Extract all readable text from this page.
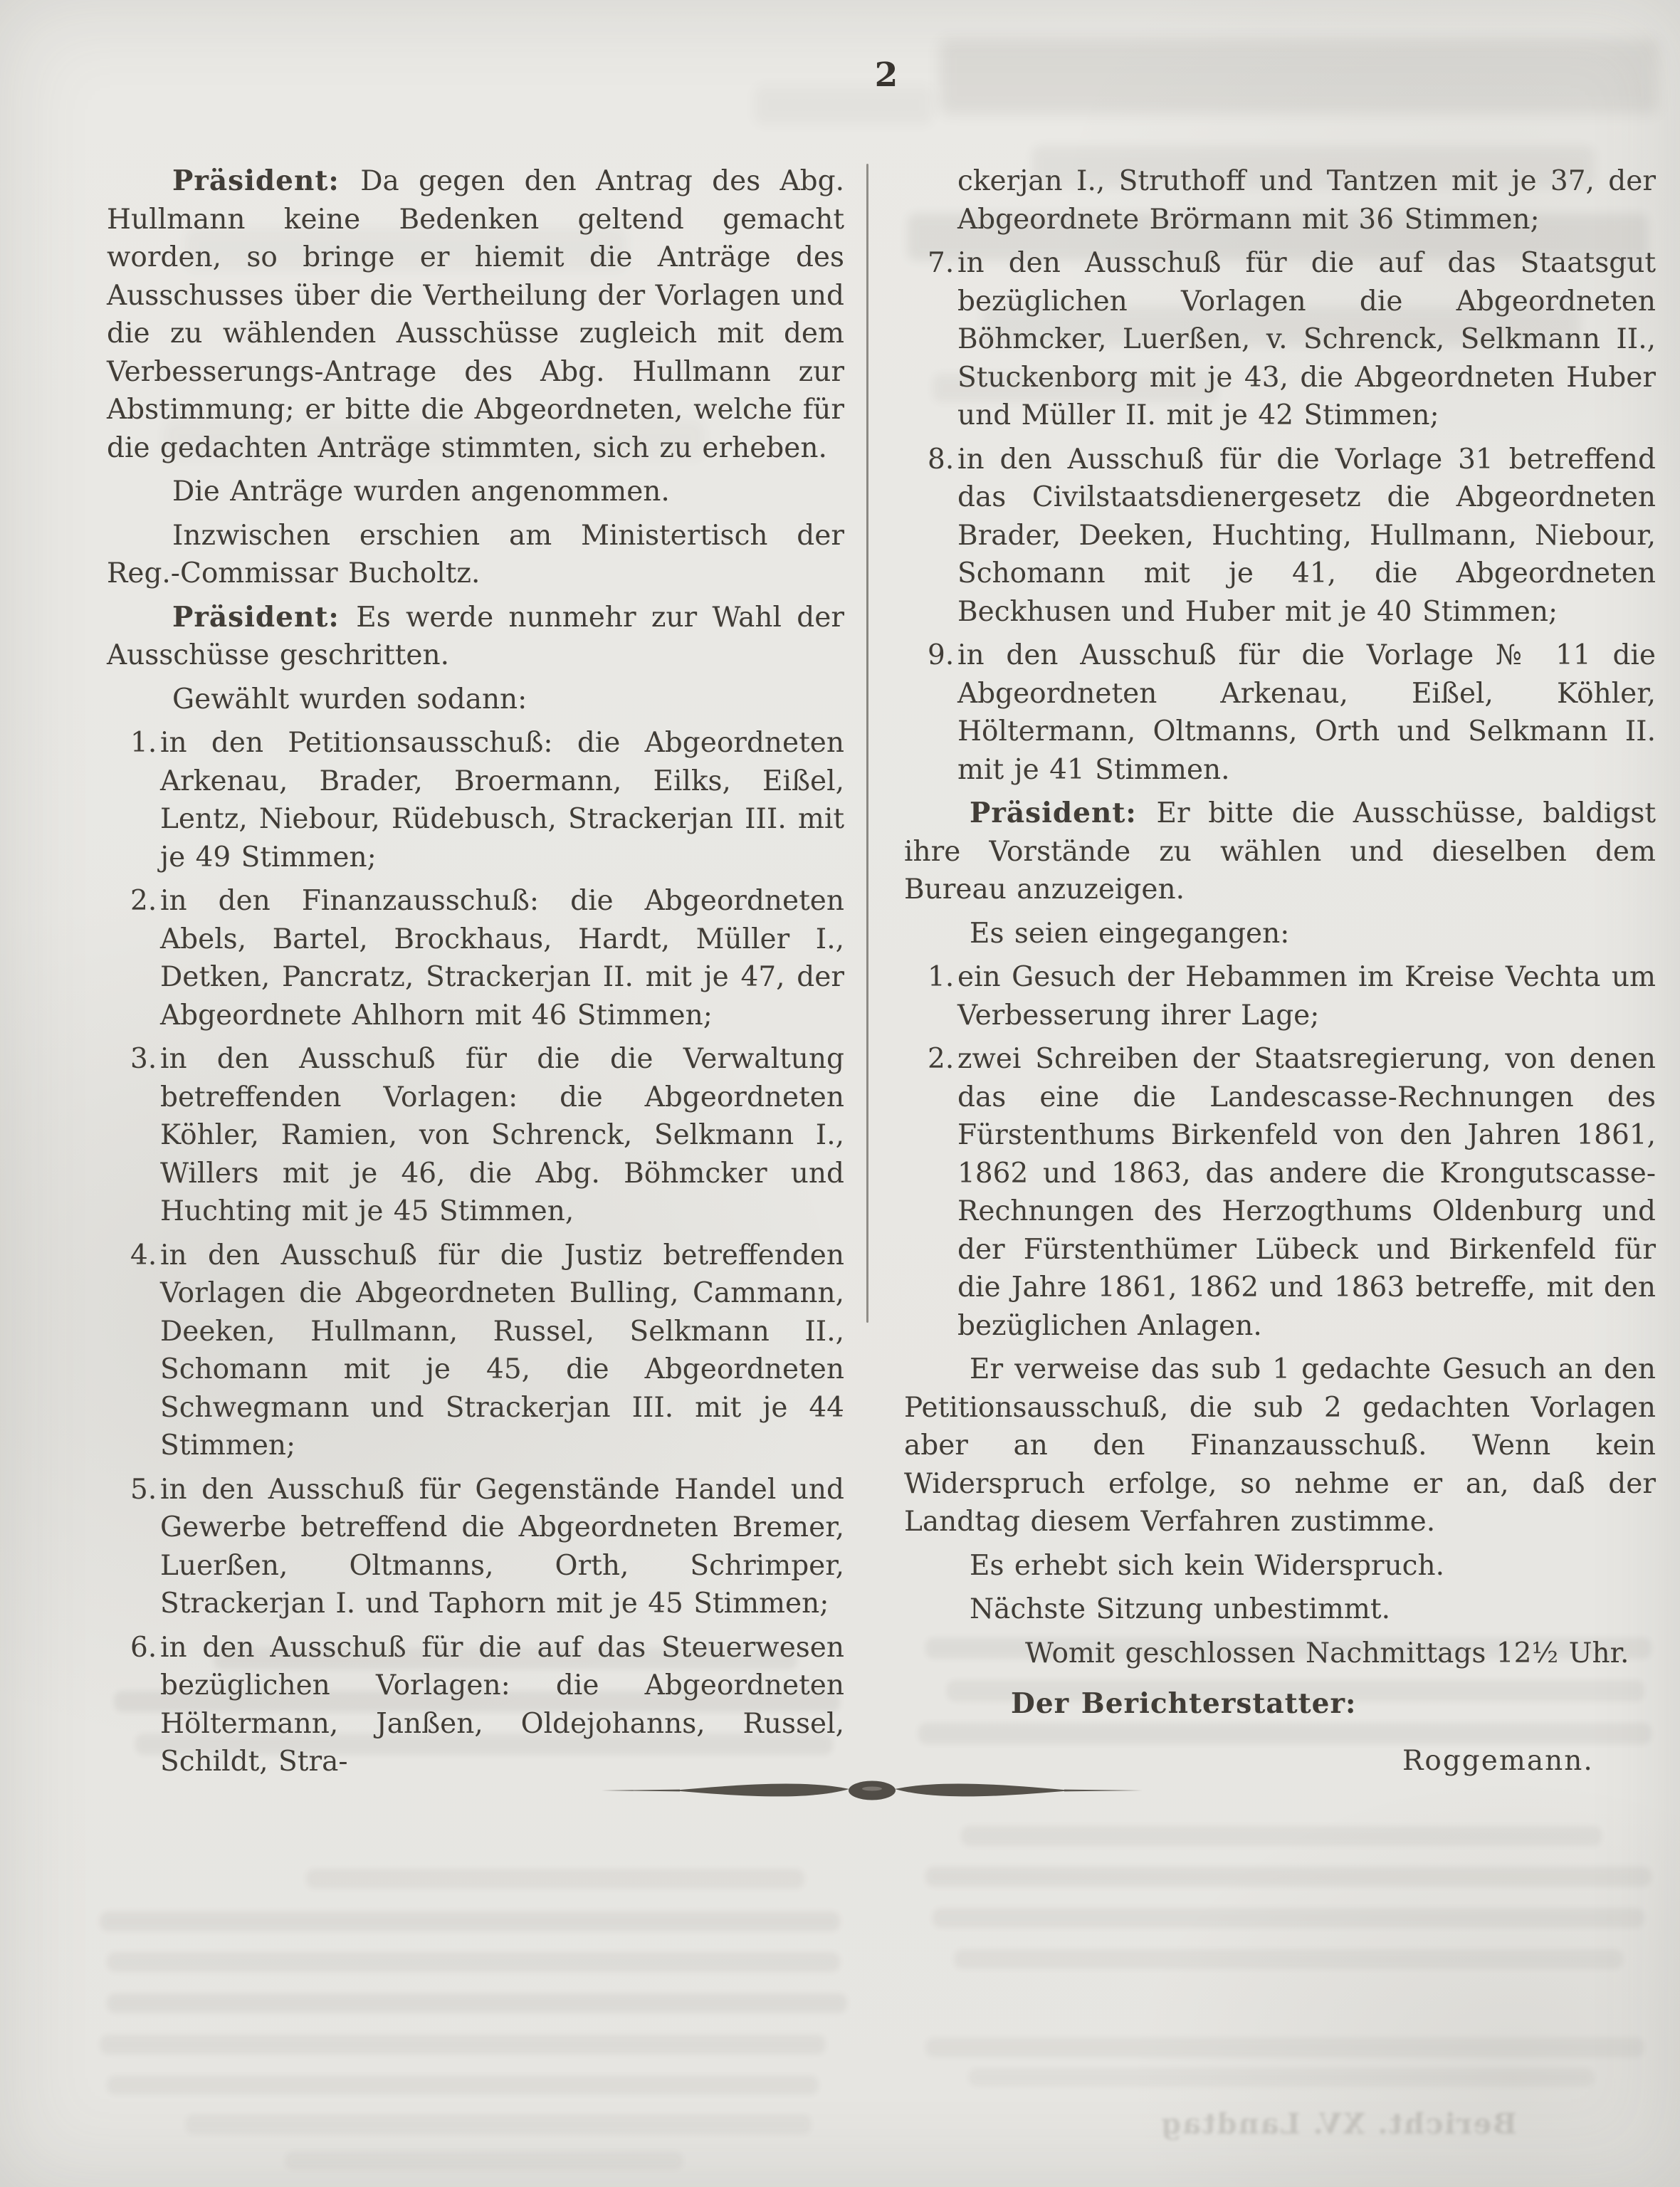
2
Präsident: Da gegen den Antrag des Abg. Hullmann keine Bedenken geltend gemacht worden, so bringe er hiemit die Anträge des Ausschusses über die Vertheilung der Vorlagen und die zu wählenden Ausschüsse zugleich mit dem Verbesserungs-Antrage des Abg. Hullmann zur Abstimmung; er bitte die Abgeordneten, welche für die gedachten Anträge stimmten, sich zu erheben.
Die Anträge wurden angenommen.
Inzwischen erschien am Ministertisch der Reg.-Commissar Bucholtz.
Präsident: Es werde nunmehr zur Wahl der Ausschüsse geschritten.
Gewählt wurden sodann:
1. in den Petitionsausschuß: die Abgeordneten Arkenau, Brader, Broermann, Eilks, Eißel, Lentz, Niebour, Rüdebusch, Strackerjan III. mit je 49 Stimmen;
2. in den Finanzausschuß: die Abgeordneten Abels, Bartel, Brockhaus, Hardt, Müller I., Detken, Pancratz, Strackerjan II. mit je 47, der Abgeordnete Ahlhorn mit 46 Stimmen;
3. in den Ausschuß für die die Verwaltung betreffenden Vorlagen: die Abgeordneten Köhler, Ramien, von Schrenck, Selkmann I., Willers mit je 46, die Abg. Böhmcker und Huchting mit je 45 Stimmen,
4. in den Ausschuß für die Justiz betreffenden Vorlagen die Abgeordneten Bulling, Cammann, Deeken, Hullmann, Russel, Selkmann II., Schomann mit je 45, die Abgeordneten Schwegmann und Strackerjan III. mit je 44 Stimmen;
5. in den Ausschuß für Gegenstände Handel und Gewerbe betreffend die Abgeordneten Bremer, Luerßen, Oltmanns, Orth, Schrimper, Strackerjan I. und Taphorn mit je 45 Stimmen;
6. in den Ausschuß für die auf das Steuerwesen bezüglichen Vorlagen: die Abgeordneten Höltermann, Janßen, Oldejohanns, Russel, Schildt, Stra-
ckerjan I., Struthoff und Tantzen mit je 37, der Abgeordnete Brörmann mit 36 Stimmen;
7. in den Ausschuß für die auf das Staatsgut bezüglichen Vorlagen die Abgeordneten Böhmcker, Luerßen, v. Schrenck, Selkmann II., Stuckenborg mit je 43, die Abgeordneten Huber und Müller II. mit je 42 Stimmen;
8. in den Ausschuß für die Vorlage 31 betreffend das Civilstaatsdienergesetz die Abgeordneten Brader, Deeken, Huchting, Hullmann, Niebour, Schomann mit je 41, die Abgeordneten Beckhusen und Huber mit je 40 Stimmen;
9. in den Ausschuß für die Vorlage № 11 die Abgeordneten Arkenau, Eißel, Köhler, Höltermann, Oltmanns, Orth und Selkmann II. mit je 41 Stimmen.
Präsident: Er bitte die Ausschüsse, baldigst ihre Vorstände zu wählen und dieselben dem Bureau anzuzeigen.
Es seien eingegangen:
1. ein Gesuch der Hebammen im Kreise Vechta um Verbesserung ihrer Lage;
2. zwei Schreiben der Staatsregierung, von denen das eine die Landescasse-Rechnungen des Fürstenthums Birkenfeld von den Jahren 1861, 1862 und 1863, das andere die Krongutscasse-Rechnungen des Herzogthums Oldenburg und der Fürstenthümer Lübeck und Birkenfeld für die Jahre 1861, 1862 und 1863 betreffe, mit den bezüglichen Anlagen.
Er verweise das sub 1 gedachte Gesuch an den Petitionsausschuß, die sub 2 gedachten Vorlagen aber an den Finanzausschuß. Wenn kein Widerspruch erfolge, so nehme er an, daß der Landtag diesem Verfahren zustimme.
Es erhebt sich kein Widerspruch.
Nächste Sitzung unbestimmt.
Womit geschlossen Nachmittags 12½ Uhr.
Der Berichterstatter:
Roggemann.
Bericht. XV. Landtag
